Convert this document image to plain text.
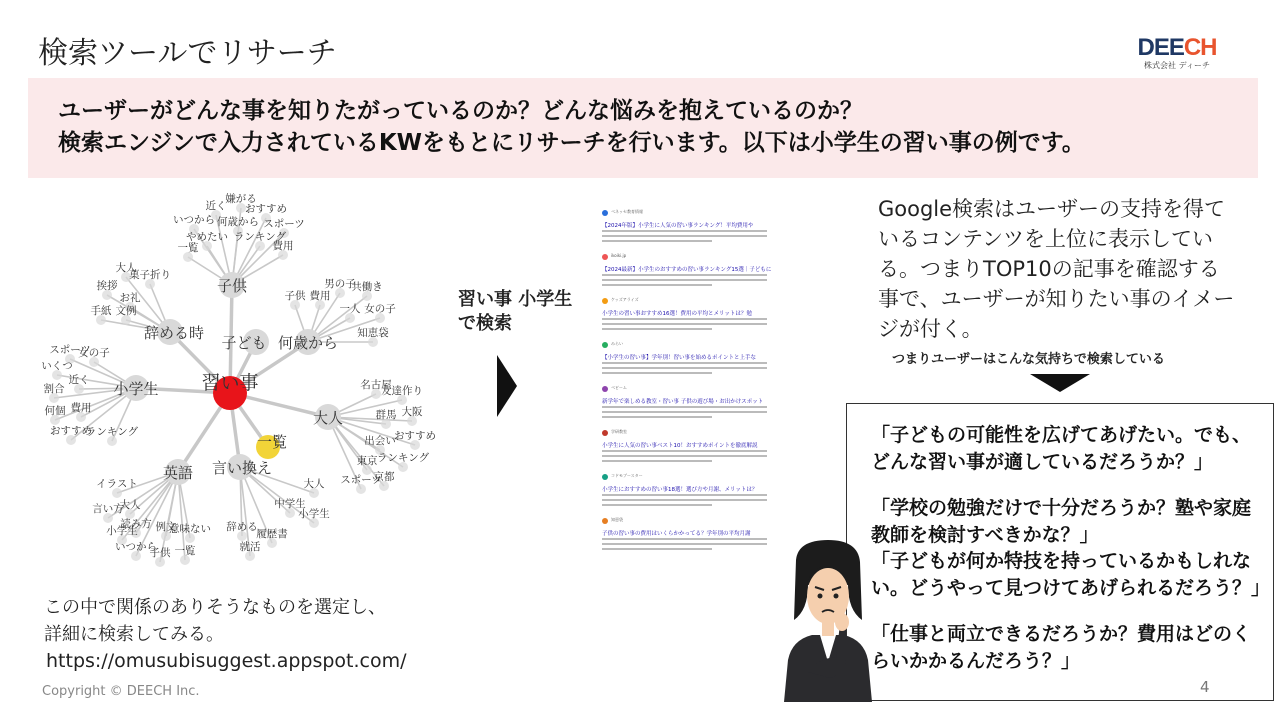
検索ツールでリサーチ	DEECH
株式会社 ディーチ
ユーザーがどんな事を知りたがっているのか？どんな悩みを抱えているのか？
検索エンジンで入力されているKWをもとにリサーチを行います。以下は小学生の習い事の例です。
嫌がる
近く おすすめ
いつから 何歳から
やめたい ランキング
一覧
スポーツ
費用
男の子
共働き
子供 費用
一人 女の子
知恵袋
大人
菓子折り
挨拶
お礼
手紙 文例
スポーツ
女の子
いくつ
近く
割合
何個 費用
おすすめ
ランキング
名古屋
友達作り
群馬 大阪
出会い
おすすめ
東京 ランキング
スポーツ
京都
中学生
大人
小学生
辞める
履歴書
就活
イラスト
大人
言い方
読み方 例文
意味ない
小学生
いつから
子供 一覧
子供
子ども 何歳から
辞める時
小学生
大人
一覧
言い換え
英語
習い事
習い事 小学生
で検索
ベネッセ教育情報
【2024年版】小学生に人気の習い事ランキング！平均費用や
ikoiki.jp
【2024最新】小学生のおすすめの習い事ランキング15選｜子どもに
ケッズアライズ
小学生の習い事おすすめ16選！費用の平均とメリットは？勉
みらい
【小学生の習い事】学年別！習い事を始めるポイントと上手な
ベビーム
新学年で楽しめる教室・習い事 子供の遊び場・お出かけスポット
学研教室
小学生に人気の習い事ベスト10！おすすめポイントを徹底解説
コドモブースター
小学生におすすめの習い事18選！選び方や月謝、メリットは？
知恵袋
子供の習い事の費用はいくらかかってる？学年別の平均月謝
Google検索はユーザーの支持を得ているコンテンツを上位に表示している。つまりTOP10の記事を確認する事で、ユーザーが知りたい事のイメージが付く。
つまりユーザーはこんな気持ちで検索している
「子どもの可能性を広げてあげたい。でも、どんな習い事が適しているだろうか？」
「学校の勉強だけで十分だろうか？塾や家庭教師を検討すべきかな？」
「子どもが何か特技を持っているかもしれない。どうやって見つけてあげられるだろう？」
「仕事と両立できるだろうか？費用はどのくらいかかるんだろう？」
この中で関係のありそうなものを選定し、
詳細に検索してみる。
https://omusubisuggest.appspot.com/
Copyright © DEECH Inc.	4
